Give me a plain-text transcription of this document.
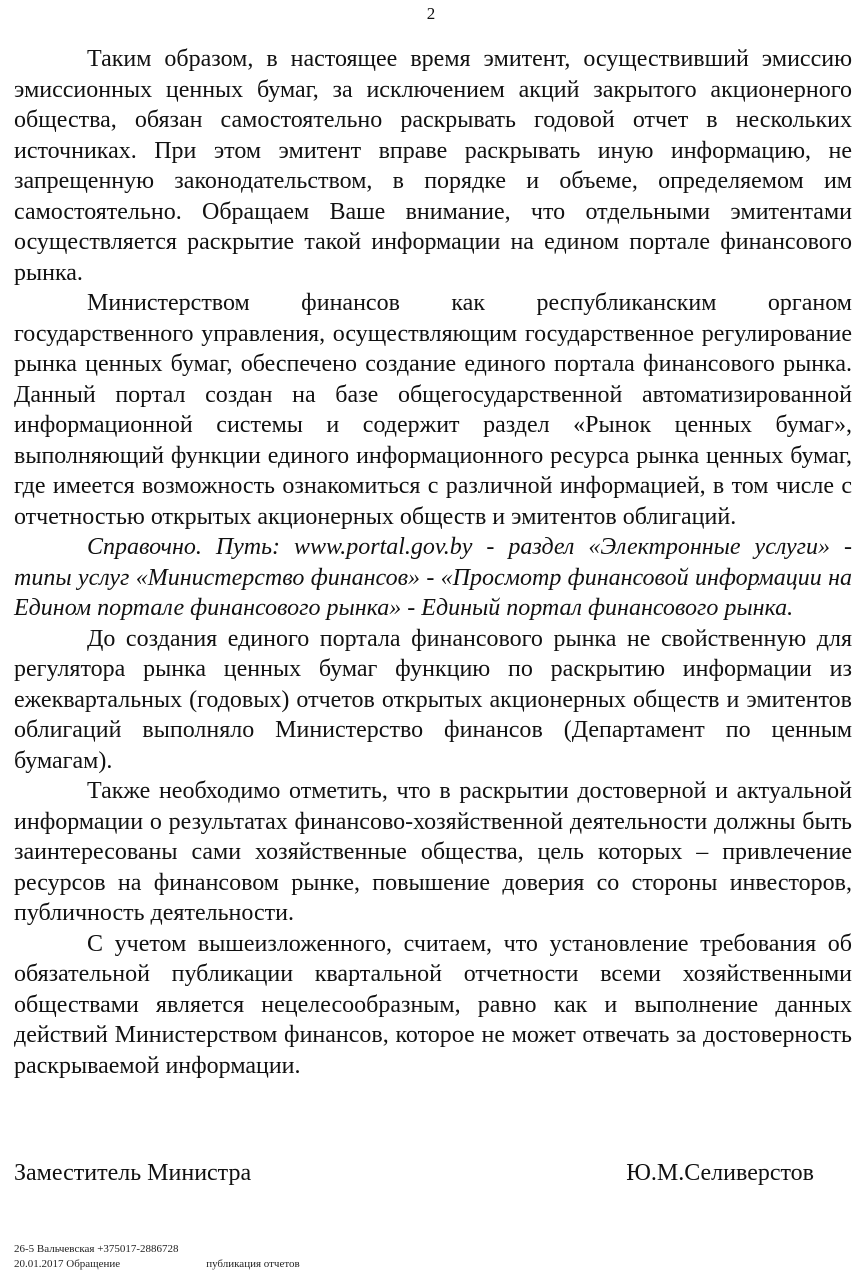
2

Таким образом, в настоящее время эмитент, осуществивший эмиссию эмиссионных ценных бумаг, за исключением акций закрытого акционерного общества, обязан самостоятельно раскрывать годовой отчет в нескольких источниках. При этом эмитент вправе раскрывать иную информацию, не запрещенную законодательством, в порядке и объеме, определяемом им самостоятельно. Обращаем Ваше внимание, что отдельными эмитентами осуществляется раскрытие такой информации на едином портале финансового рынка.

Министерством финансов как республиканским органом государственного управления, осуществляющим государственное регулирование рынка ценных бумаг, обеспечено создание единого портала финансового рынка. Данный портал создан на базе общегосударственной автоматизированной информационной системы и содержит раздел «Рынок ценных бумаг», выполняющий функции единого информационного ресурса рынка ценных бумаг, где имеется возможность ознакомиться с различной информацией, в том числе с отчетностью открытых акционерных обществ и эмитентов облигаций.

Справочно. Путь: www.portal.gov.by - раздел «Электронные услуги» - типы услуг «Министерство финансов» - «Просмотр финансовой информации на Едином портале финансового рынка» - Единый портал финансового рынка.

До создания единого портала финансового рынка не свойственную для регулятора рынка ценных бумаг функцию по раскрытию информации из ежеквартальных (годовых) отчетов открытых акционерных обществ и эмитентов облигаций выполняло Министерство финансов (Департамент по ценным бумагам).

Также необходимо отметить, что в раскрытии достоверной и актуальной информации о результатах финансово-хозяйственной деятельности должны быть заинтересованы сами хозяйственные общества, цель которых – привлечение ресурсов на финансовом рынке, повышение доверия со стороны инвесторов, публичность деятельности.

С учетом вышеизложенного, считаем, что установление требования об обязательной публикации квартальной отчетности всеми хозяйственными обществами является нецелесообразным, равно как и выполнение данных действий Министерством финансов, которое не может отвечать за достоверность раскрываемой информации.

Заместитель Министра	Ю.М.Селиверстов
26-5 Вальчевская +375017-2886728
20.01.2017 Обращение	публикация отчетов
